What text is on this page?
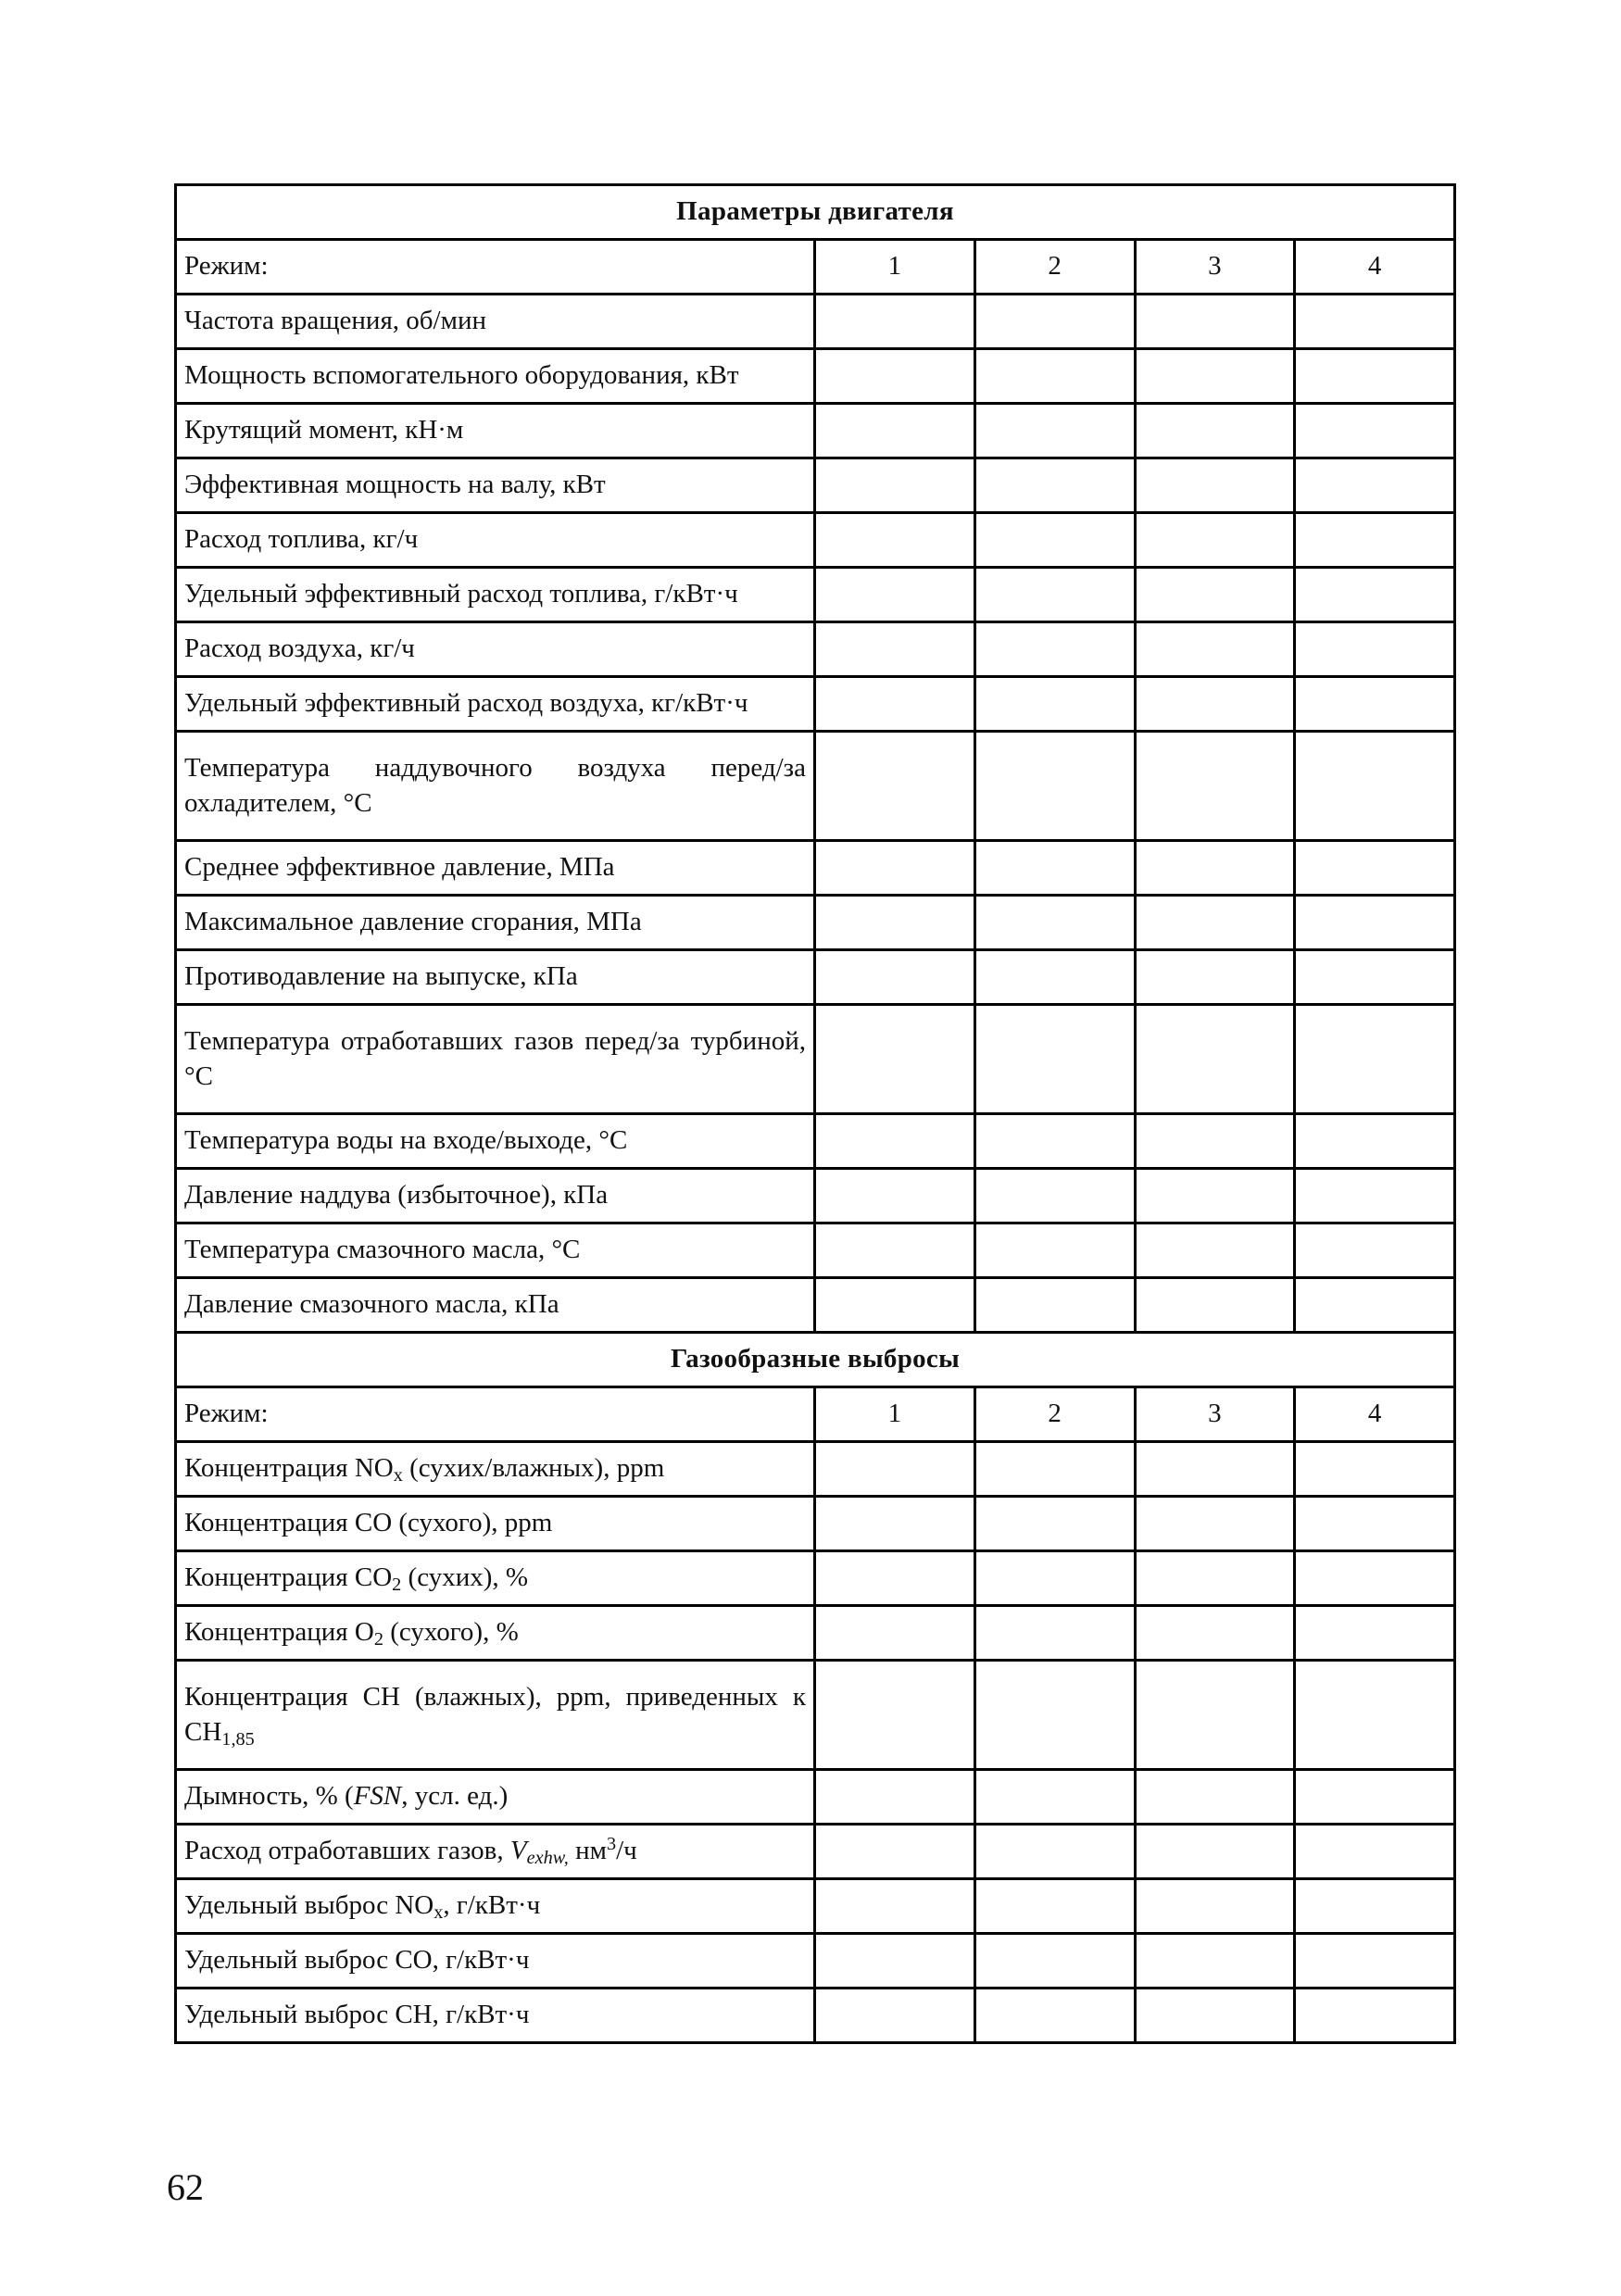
Параметры двигателя				
Режим:	1	2	3	4
Частота вращения, об/мин				
Мощность вспомогательного оборудования, кВт				
Крутящий момент, кН·м				
Эффективная мощность на валу, кВт				
Расход топлива, кг/ч				
Удельный эффективный расход топлива, г/кВт·ч				
Расход воздуха, кг/ч				
Удельный эффективный расход воздуха, кг/кВт·ч				
Температура наддувочного воздуха перед/за охладителем, °С				
Среднее эффективное давление, МПа				
Максимальное давление сгорания, МПа				
Противодавление на выпуске, кПа				
Температура отработавших газов перед/за турбиной, °С				
Температура воды на входе/выходе, °С				
Давление наддува (избыточное), кПа				
Температура смазочного масла, °С				
Давление смазочного масла, кПа				
Газообразные выбросы				
Режим:	1	2	3	4
Концентрация $NO_x$ (сухих/влажных), ppm				
Концентрация СО (сухого), ppm				
Концентрация $СО_2$ (сухих), %				
Концентрация $О_2$ (сухого), %				
Концентрация СН (влажных), ppm, приведенных к $СН_{1,85}$				
Дымность, % (FSN, усл. ед.)				
Расход отработавших газов, $V_{exhw,}$ $нм^3/ч$				
Удельный выброс $NO_x$, г/кВт·ч				
Удельный выброс СО, г/кВт·ч				
Удельный выброс СН, г/кВт·ч				
62
